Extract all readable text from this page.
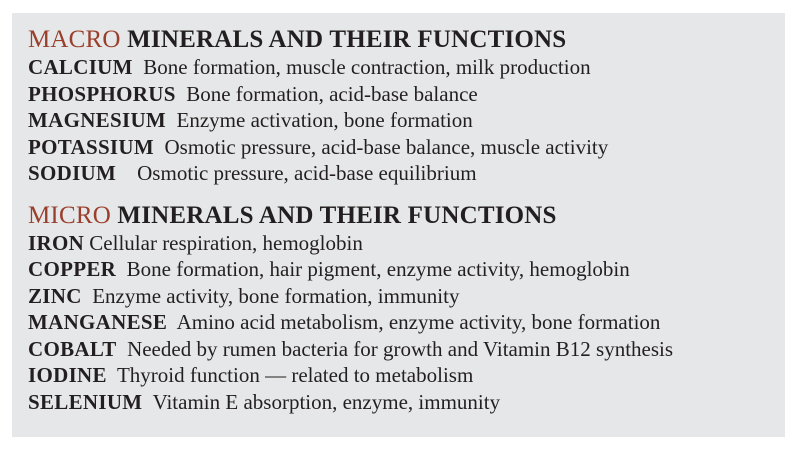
MACRO MINERALS AND THEIR FUNCTIONS
CALCIUM Bone formation, muscle contraction, milk production
PHOSPHORUS Bone formation, acid-base balance
MAGNESIUM Enzyme activation, bone formation
POTASSIUM Osmotic pressure, acid-base balance, muscle activity
SODIUM Osmotic pressure, acid-base equilibrium
MICRO MINERALS AND THEIR FUNCTIONS
IRON Cellular respiration, hemoglobin
COPPER Bone formation, hair pigment, enzyme activity, hemoglobin
ZINC Enzyme activity, bone formation, immunity
MANGANESE Amino acid metabolism, enzyme activity, bone formation
COBALT Needed by rumen bacteria for growth and Vitamin B12 synthesis
IODINE Thyroid function — related to metabolism
SELENIUM Vitamin E absorption, enzyme, immunity
